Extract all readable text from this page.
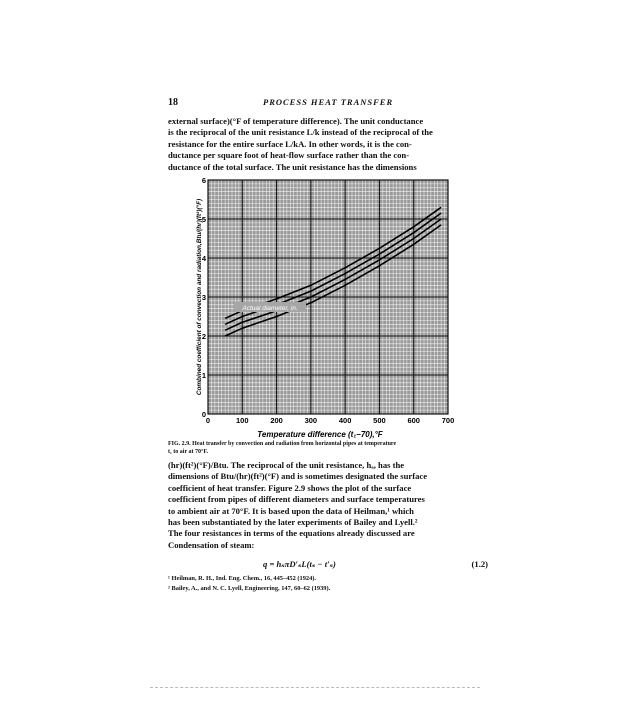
18	PROCESS HEAT TRANSFER
external surface)(°F of temperature difference). The unit conductance
is the reciprocal of the unit resistance L/k instead of the reciprocal of the
resistance for the entire surface L/kA. In other words, it is the con-
ductance per square foot of heat-flow surface rather than the con-
ductance of the total surface. The unit resistance has the dimensions
0	100	200	300	400	500	600	700
0
1
2
3
4
5
6
Temperature difference (t₁−70),°F
Combined coefficient of convection and radiation,Btu/(hr)(ft²)(°F)	Actual diameter, in.
FIG. 2.9. Heat transfer by convection and radiation from horizontal pipes at temperature
t₁ to air at 70°F.
(hr)(ft²)(°F)/Btu. The reciprocal of the unit resistance, hₐ, has the
dimensions of Btu/(hr)(ft²)(°F) and is sometimes designated the surface
coefficient of heat transfer. Figure 2.9 shows the plot of the surface
coefficient from pipes of different diameters and surface temperatures
to ambient air at 70°F. It is based upon the data of Heilman,¹ which
has been substantiated by the later experiments of Bailey and Lyell.²
The four resistances in terms of the equations already discussed are
Condensation of steam:
q = hₛπD′ₛL(tₛ − t′ₛ)	(1.2)
¹ Heilman, R. H., Ind. Eng. Chem., 16, 445–452 (1924).
² Bailey, A., and N. C. Lyell, Engineering, 147, 60–62 (1939).
